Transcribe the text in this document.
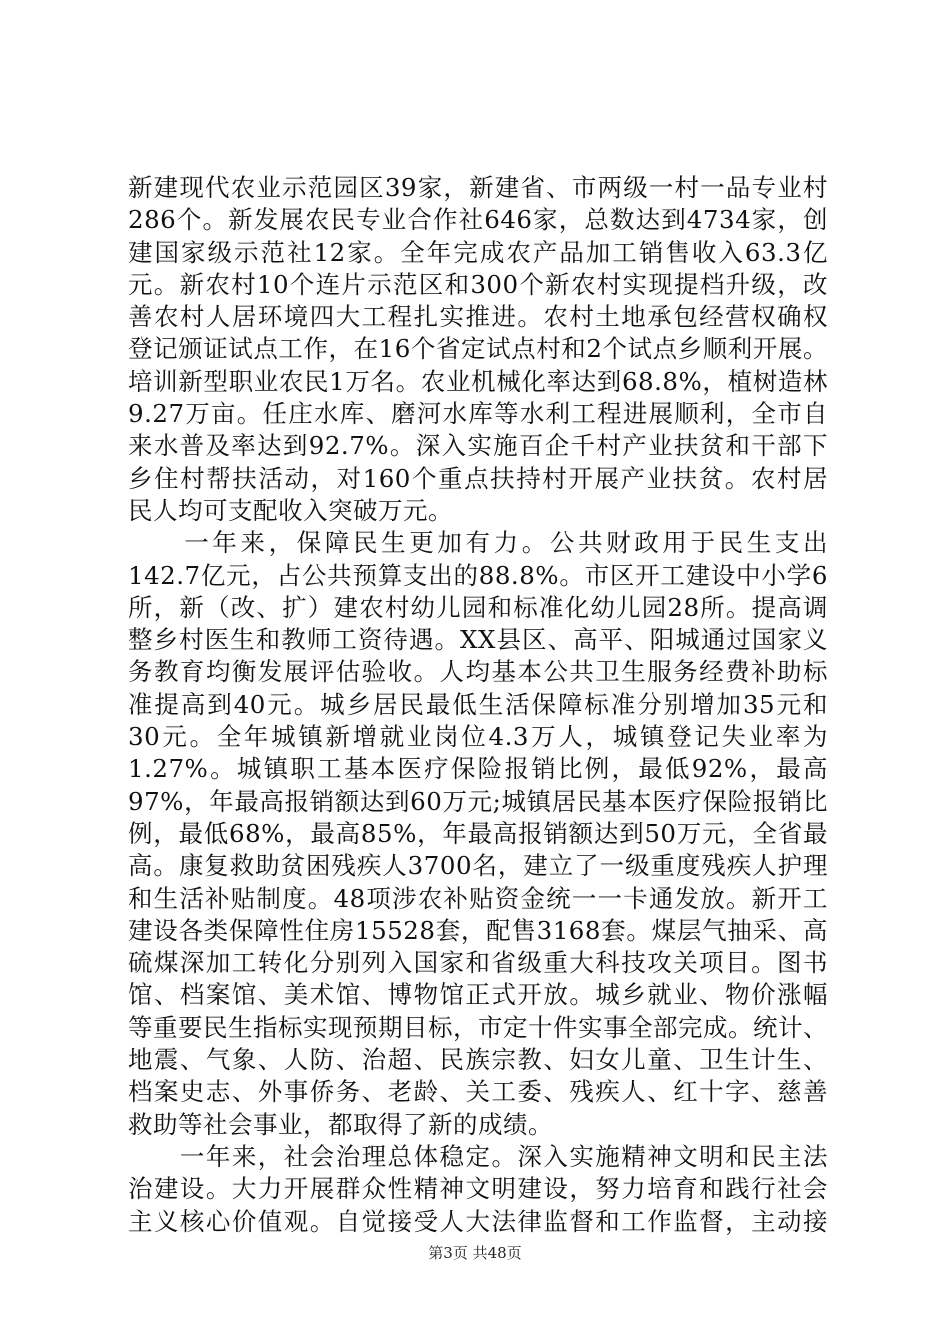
新建现代农业示范园区39家，新建省、市两级一村一品专业村
286个。新发展农民专业合作社646家，总数达到4734家，创
建国家级示范社12家。全年完成农产品加工销售收入63.3亿
元。新农村10个连片示范区和300个新农村实现提档升级，改
善农村人居环境四大工程扎实推进。农村土地承包经营权确权
登记颁证试点工作，在16个省定试点村和2个试点乡顺利开展。
培训新型职业农民1万名。农业机械化率达到68.8%，植树造林
9.27万亩。任庄水库、磨河水库等水利工程进展顺利，全市自
来水普及率达到92.7%。深入实施百企千村产业扶贫和干部下
乡住村帮扶活动，对160个重点扶持村开展产业扶贫。农村居
民人均可支配收入突破万元。
　　一年来，保障民生更加有力。公共财政用于民生支出
142.7亿元，占公共预算支出的88.8%。市区开工建设中小学6
所，新（改、扩）建农村幼儿园和标准化幼儿园28所。提高调
整乡村医生和教师工资待遇。XX县区、高平、阳城通过国家义
务教育均衡发展评估验收。人均基本公共卫生服务经费补助标
准提高到40元。城乡居民最低生活保障标准分别增加35元和
30元。全年城镇新增就业岗位4.3万人，城镇登记失业率为
1.27%。城镇职工基本医疗保险报销比例，最低92%，最高
97%，年最高报销额达到60万元;城镇居民基本医疗保险报销比
例，最低68%，最高85%，年最高报销额达到50万元，全省最
高。康复救助贫困残疾人3700名，建立了一级重度残疾人护理
和生活补贴制度。48项涉农补贴资金统一一卡通发放。新开工
建设各类保障性住房15528套，配售3168套。煤层气抽采、高
硫煤深加工转化分别列入国家和省级重大科技攻关项目。图书
馆、档案馆、美术馆、博物馆正式开放。城乡就业、物价涨幅
等重要民生指标实现预期目标，市定十件实事全部完成。统计、
地震、气象、人防、治超、民族宗教、妇女儿童、卫生计生、
档案史志、外事侨务、老龄、关工委、残疾人、红十字、慈善
救助等社会事业，都取得了新的成绩。
　　一年来，社会治理总体稳定。深入实施精神文明和民主法
治建设。大力开展群众性精神文明建设，努力培育和践行社会
主义核心价值观。自觉接受人大法律监督和工作监督，主动接
第3页 共48页
